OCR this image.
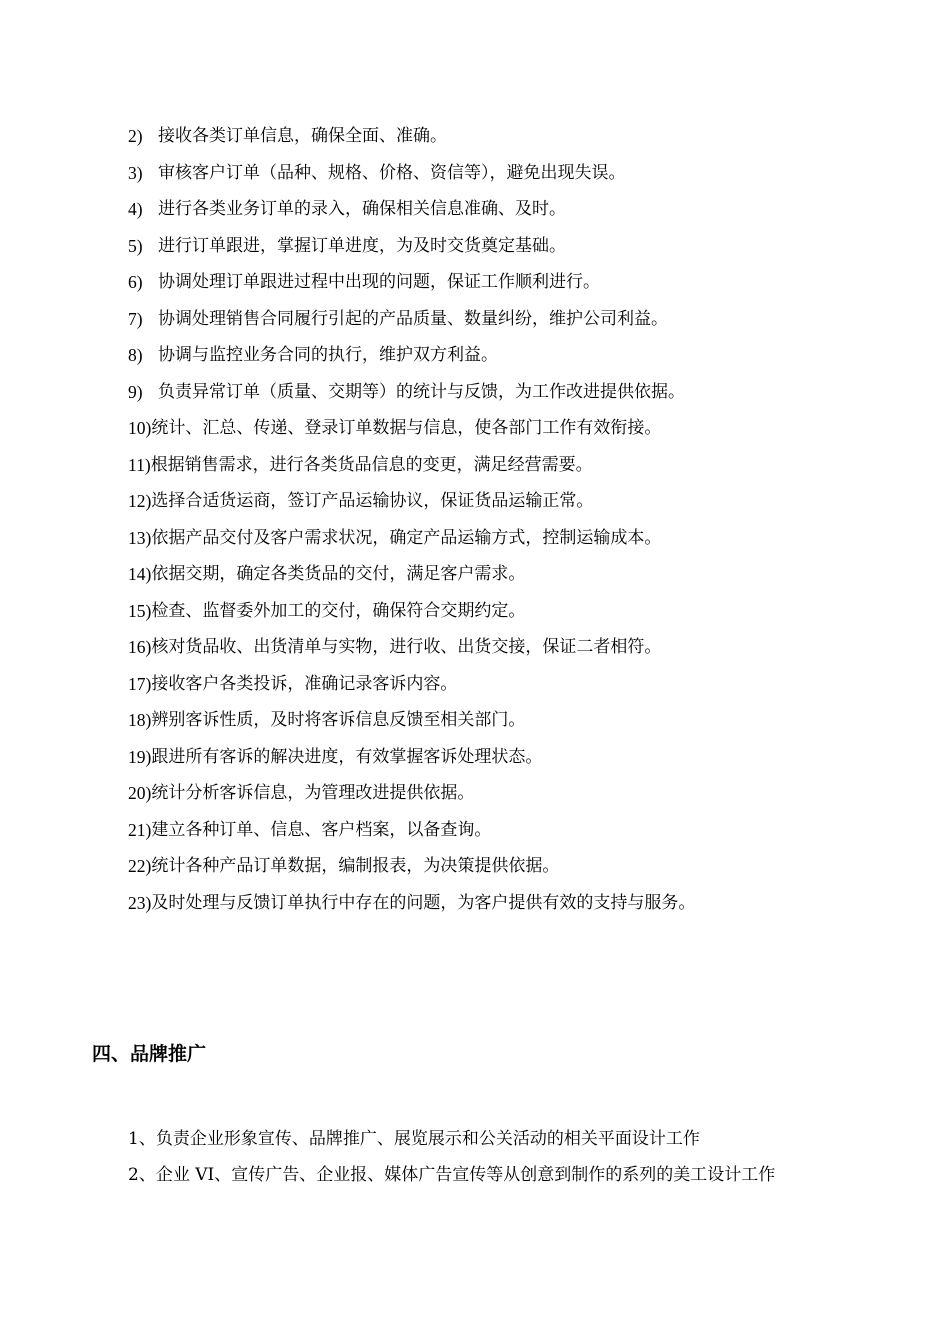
2) 接收各类订单信息，确保全面、准确。
3) 审核客户订单（品种、规格、价格、资信等），避免出现失误。
4) 进行各类业务订单的录入，确保相关信息准确、及时。
5) 进行订单跟进，掌握订单进度，为及时交货奠定基础。
6) 协调处理订单跟进过程中出现的问题，保证工作顺利进行。
7) 协调处理销售合同履行引起的产品质量、数量纠纷，维护公司利益。
8) 协调与监控业务合同的执行，维护双方利益。
9) 负责异常订单（质量、交期等）的统计与反馈，为工作改进提供依据。
10) 统计、汇总、传递、登录订单数据与信息，使各部门工作有效衔接。
11) 根据销售需求，进行各类货品信息的变更，满足经营需要。
12) 选择合适货运商，签订产品运输协议，保证货品运输正常。
13) 依据产品交付及客户需求状况，确定产品运输方式，控制运输成本。
14) 依据交期，确定各类货品的交付，满足客户需求。
15) 检查、监督委外加工的交付，确保符合交期约定。
16) 核对货品收、出货清单与实物，进行收、出货交接，保证二者相符。
17) 接收客户各类投诉，准确记录客诉内容。
18) 辨别客诉性质，及时将客诉信息反馈至相关部门。
19) 跟进所有客诉的解决进度，有效掌握客诉处理状态。
20) 统计分析客诉信息，为管理改进提供依据。
21) 建立各种订单、信息、客户档案，以备查询。
22) 统计各种产品订单数据，编制报表，为决策提供依据。
23) 及时处理与反馈订单执行中存在的问题，为客户提供有效的支持与服务。
四、品牌推广
1、负责企业形象宣传、品牌推广、展览展示和公关活动的相关平面设计工作
2、企业 VI、宣传广告、企业报、媒体广告宣传等从创意到制作的系列的美工设计工作
